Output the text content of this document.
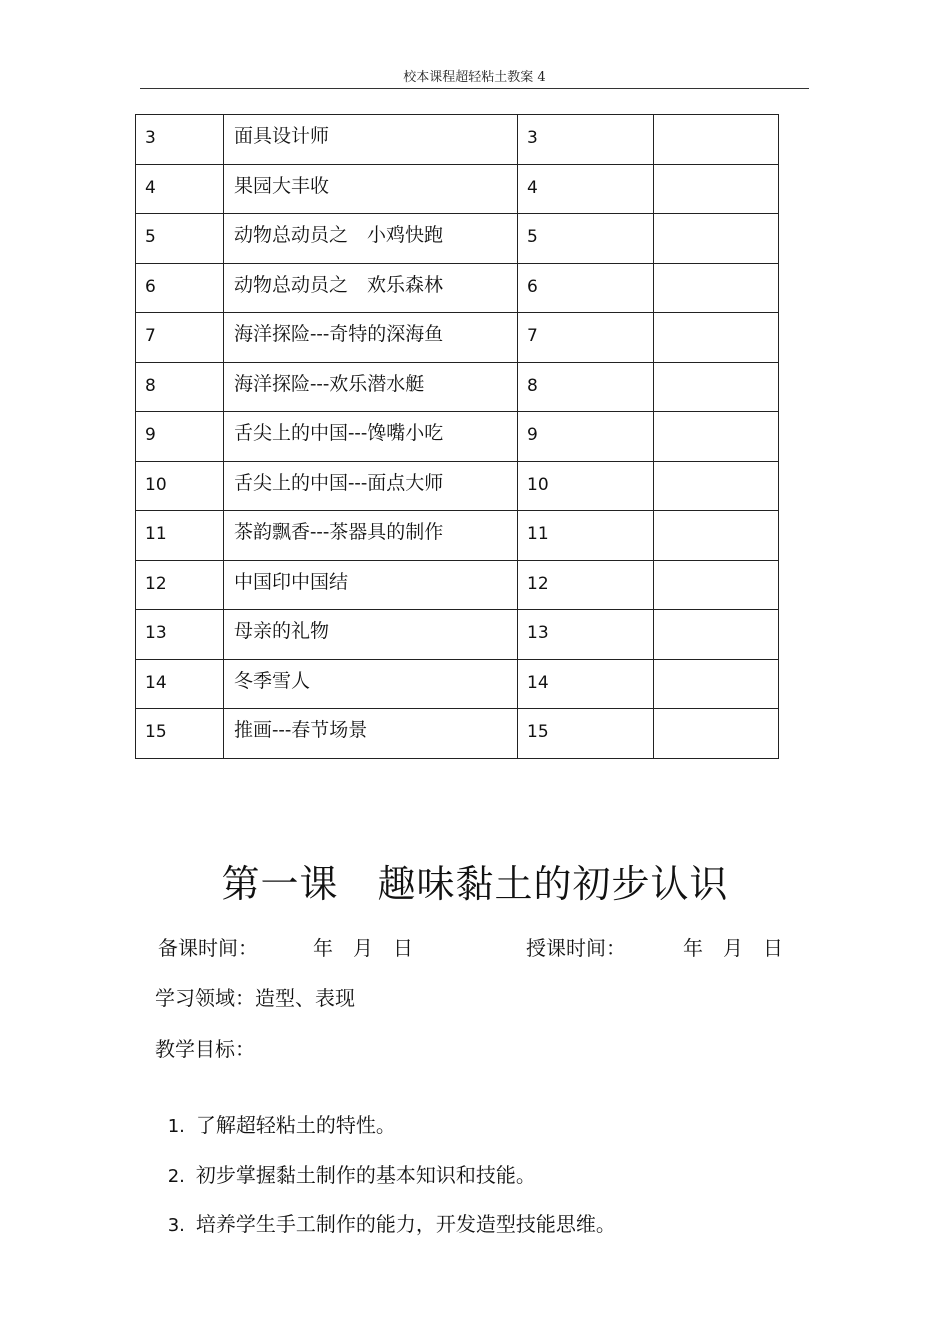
校本课程超轻粘土教案 4
3	面具设计师	3	
4	果园大丰收	4	
5	动物总动员之　小鸡快跑	5	
6	动物总动员之　欢乐森林	6	
7	海洋探险---奇特的深海鱼	7	
8	海洋探险---欢乐潜水艇	8	
9	舌尖上的中国---馋嘴小吃	9	
10	舌尖上的中国---面点大师	10	
11	茶韵飘香---茶器具的制作	11	
12	中国印中国结	12	
13	母亲的礼物	13	
14	冬季雪人	14	
15	推画---春节场景	15	
第一课　趣味黏土的初步认识
备课时间：	年　月　日	授课时间：	年　月　日
学习领域：造型、表现
教学目标：

1. 了解超轻粘土的特性。

2. 初步掌握黏土制作的基本知识和技能。

3. 培养学生手工制作的能力，开发造型技能思维。
